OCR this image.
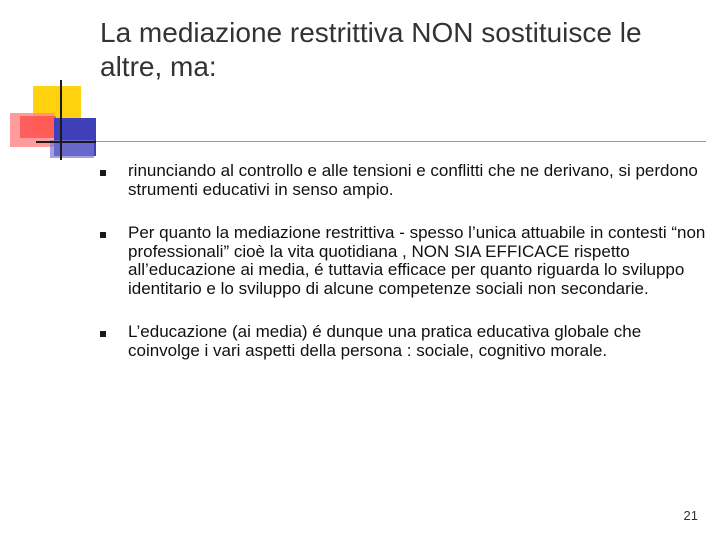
La mediazione restrittiva NON sostituisce le altre, ma:
rinunciando al controllo e alle tensioni e conflitti che ne derivano, si perdono strumenti educativi in senso ampio.
Per quanto la mediazione restrittiva - spesso l’unica attuabile in contesti “non professionali” cioè la vita quotidiana , NON SIA EFFICACE rispetto all’educazione ai media, é tuttavia efficace per quanto riguarda lo sviluppo identitario e lo sviluppo di alcune competenze sociali non secondarie.
L’educazione (ai media) é dunque una pratica educativa globale che coinvolge i vari aspetti della persona : sociale, cognitivo morale.
21
